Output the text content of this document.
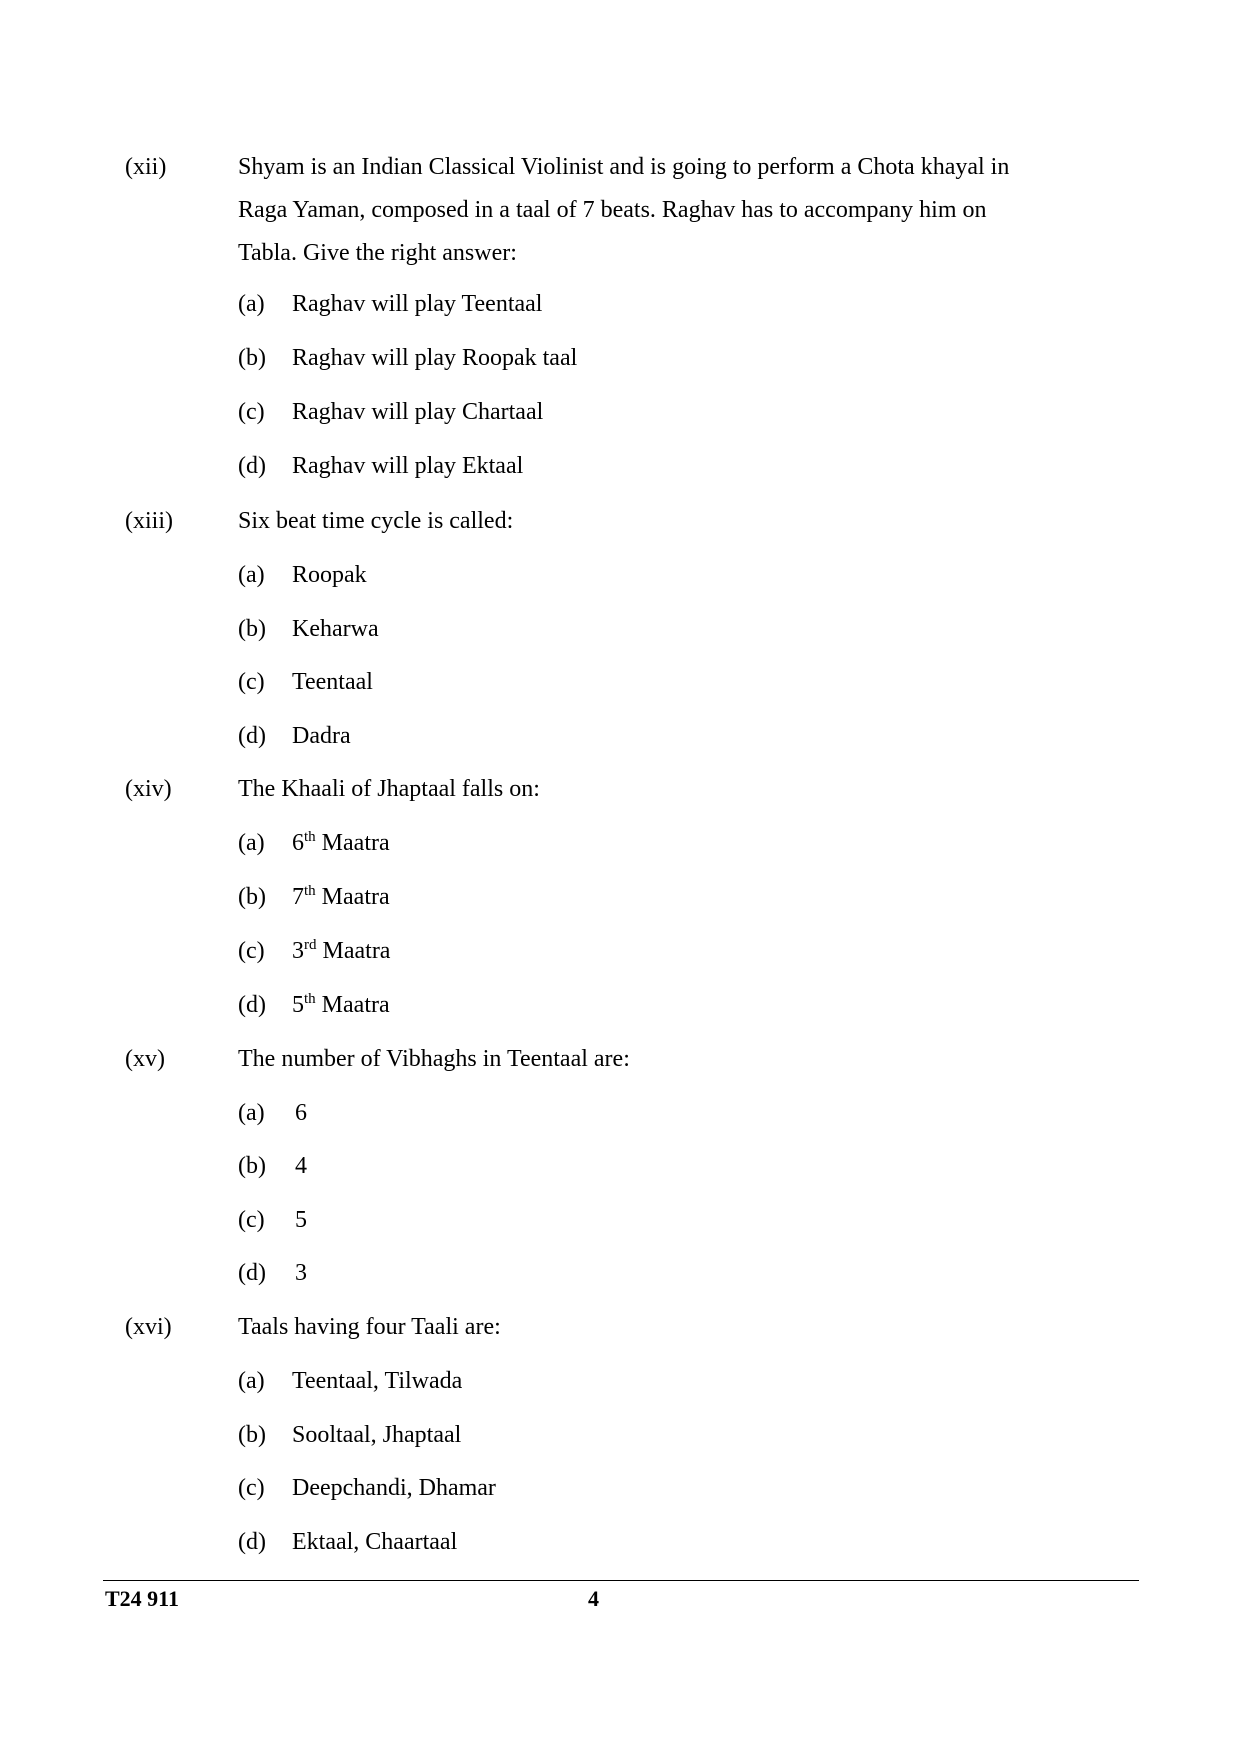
(xii)	Shyam is an Indian Classical Violinist and is going to perform a Chota khayal in Raga Yaman, composed in a taal of 7 beats. Raghav has to accompany him on Tabla. Give the right answer:
(a) Raghav will play Teentaal
(b) Raghav will play Roopak taal
(c) Raghav will play Chartaal
(d) Raghav will play Ektaal
(xiii)	Six beat time cycle is called:
(a) Roopak
(b) Keharwa
(c) Teentaal
(d) Dadra
(xiv)	The Khaali of Jhaptaal falls on:
(a) 6th Maatra
(b) 7th Maatra
(c) 3rd Maatra
(d) 5th Maatra
(xv)	The number of Vibhaghs in Teentaal are:
(a) 6
(b) 4
(c) 5
(d) 3
(xvi)	Taals having four Taali are:
(a) Teentaal, Tilwada
(b) Sooltaal, Jhaptaal
(c) Deepchandi, Dhamar
(d) Ektaal, Chaartaal
T24 911	4
